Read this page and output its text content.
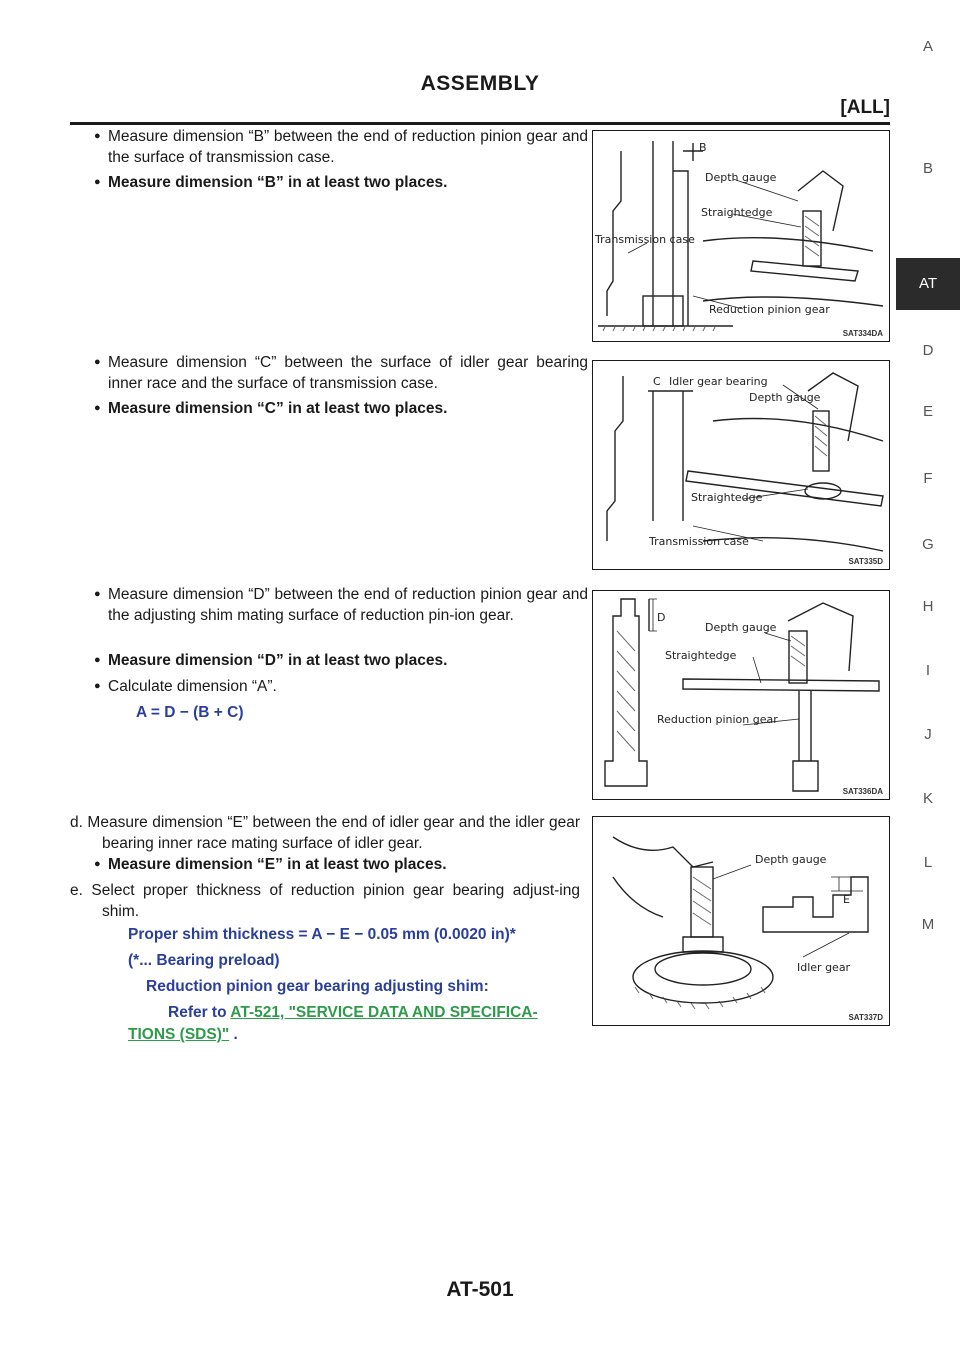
ASSEMBLY
[ALL]
A
B
AT
D
E
F
G
H
I
J
K
L
M
● Measure dimension “B” between the end of reduction pinion gear and the surface of transmission case.
● Measure dimension “B” in at least two places.
B
Depth gauge
Straightedge
Transmission case
Reduction pinion gear
SAT334DA
● Measure dimension “C” between the surface of idler gear bearing inner race and the surface of transmission case.
● Measure dimension “C” in at least two places.
C Idler gear bearing
Depth gauge
Straightedge
Transmission case
SAT335D
● Measure dimension “D” between the end of reduction pinion gear and the adjusting shim mating surface of reduction pin-ion gear.
● Measure dimension “D” in at least two places.
● Calculate dimension “A”.
A = D − (B + C)
D
Depth gauge
Straightedge
Reduction pinion gear
SAT336DA
d. Measure dimension “E” between the end of idler gear and the idler gear bearing inner race mating surface of idler gear.
● Measure dimension “E” in at least two places.
e. Select proper thickness of reduction pinion gear bearing adjust-ing shim.
Proper shim thickness = A − E − 0.05 mm (0.0020 in)*
(*... Bearing preload)
Reduction pinion gear bearing adjusting shim:
Refer to AT-521, "SERVICE DATA AND SPECIFICA-
TIONS (SDS)" .
Depth gauge
E
Idler gear
SAT337D
AT-501
